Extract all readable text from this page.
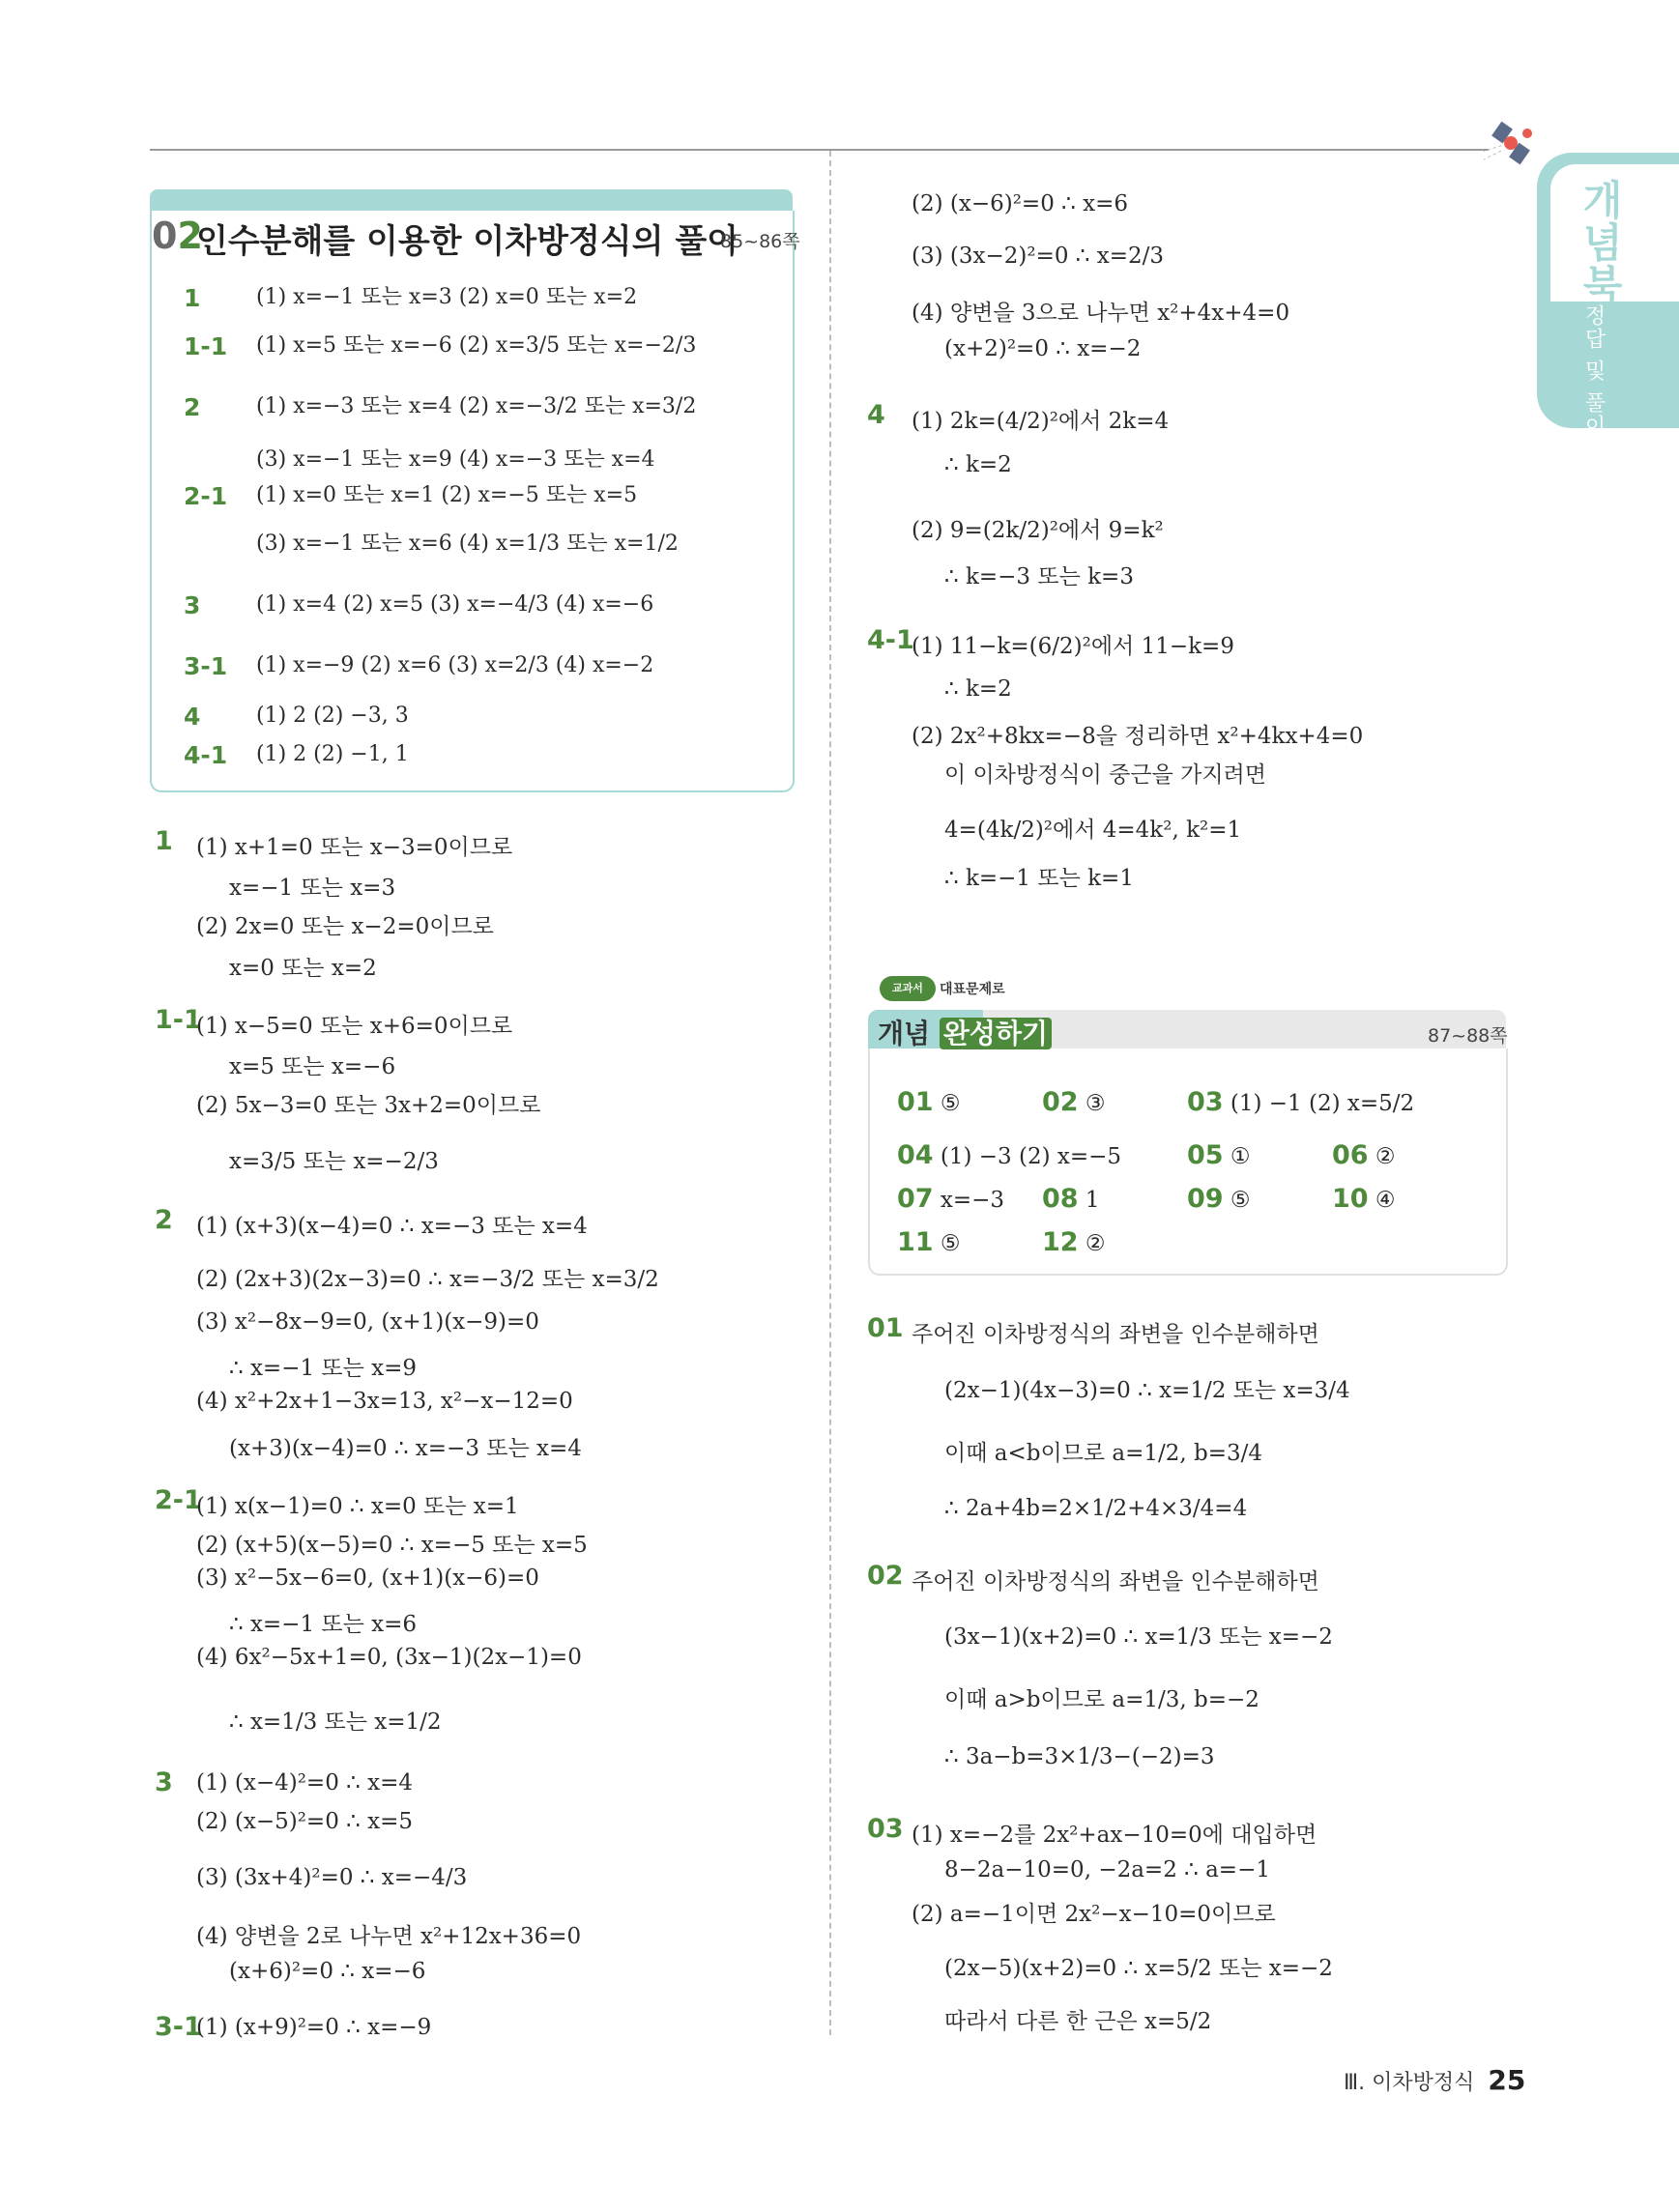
개념북
정답 및 풀이
02
인수분해를 이용한 이차방정식의 풀이
85~86쪽
1	(1) x=−1 또는 x=3 (2) x=0 또는 x=2
1-1 (1) x=5 또는 x=−6 (2) x=3/5 또는 x=−2/3
2	(1) x=−3 또는 x=4 (2) x=−3/2 또는 x=3/2
(3) x=−1 또는 x=9 (4) x=−3 또는 x=4
2-1 (1) x=0 또는 x=1 (2) x=−5 또는 x=5
(3) x=−1 또는 x=6 (4) x=1/3 또는 x=1/2
3	(1) x=4 (2) x=5 (3) x=−4/3 (4) x=−6
3-1 (1) x=−9 (2) x=6 (3) x=2/3 (4) x=−2
4	(1) 2 (2) −3, 3
4-1 (1) 2 (2) −1, 1
1 (1) x+1=0 또는 x−3=0이므로
x=−1 또는 x=3
(2) 2x=0 또는 x−2=0이므로
x=0 또는 x=2
1-1
(1) x−5=0 또는 x+6=0이므로
x=5 또는 x=−6
(2) 5x−3=0 또는 3x+2=0이므로
x=3/5 또는 x=−2/3
2 (1) (x+3)(x−4)=0 ∴ x=−3 또는 x=4
(2) (2x+3)(2x−3)=0 ∴ x=−3/2 또는 x=3/2
(3) x²−8x−9=0, (x+1)(x−9)=0
∴ x=−1 또는 x=9
(4) x²+2x+1−3x=13, x²−x−12=0
(x+3)(x−4)=0 ∴ x=−3 또는 x=4
2-1
(1) x(x−1)=0 ∴ x=0 또는 x=1
(2) (x+5)(x−5)=0 ∴ x=−5 또는 x=5
(3) x²−5x−6=0, (x+1)(x−6)=0
∴ x=−1 또는 x=6
(4) 6x²−5x+1=0, (3x−1)(2x−1)=0
∴ x=1/3 또는 x=1/2
3 (1) (x−4)²=0 ∴ x=4
(2) (x−5)²=0 ∴ x=5
(3) (3x+4)²=0 ∴ x=−4/3
(4) 양변을 2로 나누면 x²+12x+36=0
(x+6)²=0 ∴ x=−6
3-1
(1) (x+9)²=0 ∴ x=−9
(2) (x−6)²=0 ∴ x=6
(3) (3x−2)²=0 ∴ x=2/3
(4) 양변을 3으로 나누면 x²+4x+4=0
(x+2)²=0 ∴ x=−2
4 (1) 2k=(4/2)²에서 2k=4
∴ k=2
(2) 9=(2k/2)²에서 9=k²
∴ k=−3 또는 k=3
4-1
(1) 11−k=(6/2)²에서 11−k=9
∴ k=2
(2) 2x²+8kx=−8을 정리하면 x²+4kx+4=0
이 이차방정식이 중근을 가지려면
4=(4k/2)²에서 4=4k², k²=1
∴ k=−1 또는 k=1
교과서	대표문제로
개념 완성하기	87~88쪽
01 ⑤	02 ③	03 (1) −1 (2) x=5/2
04 (1) −3 (2) x=−5	05 ①	06 ②
07 x=−3 08 1	09 ⑤	10 ④
11 ⑤	12 ②
01 주어진 이차방정식의 좌변을 인수분해하면
(2x−1)(4x−3)=0 ∴ x=1/2 또는 x=3/4
이때 a<b이므로 a=1/2, b=3/4
∴ 2a+4b=2×1/2+4×3/4=4
02 주어진 이차방정식의 좌변을 인수분해하면
(3x−1)(x+2)=0 ∴ x=1/3 또는 x=−2
이때 a>b이므로 a=1/3, b=−2
∴ 3a−b=3×1/3−(−2)=3
03 (1) x=−2를 2x²+ax−10=0에 대입하면
8−2a−10=0, −2a=2 ∴ a=−1
(2) a=−1이면 2x²−x−10=0이므로
(2x−5)(x+2)=0 ∴ x=5/2 또는 x=−2
따라서 다른 한 근은 x=5/2
Ⅲ. 이차방정식 25
